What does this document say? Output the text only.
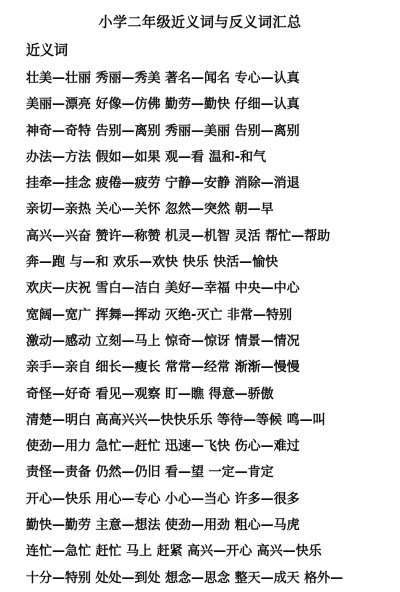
小学二年级近义词与反义词汇总
近义词
壮美—壮丽 秀丽—秀美 著名—闻名 专心—认真
美丽—漂亮 好像—仿佛 勤劳—勤快 仔细—认真
神奇—奇特 告别—离别 秀丽—美丽 告别—离别
办法—方法 假如—如果 观—看 温和-和气
挂牵—挂念 疲倦—疲劳 宁静—安静 消除—消退
亲切—亲热 关心—关怀 忽然—突然 朝—早
高兴—兴奋 赞许—称赞 机灵—机智 灵活 帮忙—帮助
奔—跑 与—和 欢乐—欢快 快乐 快活—愉快
欢庆—庆祝 雪白—洁白 美好—幸福 中央—中心
宽阔—宽广 挥舞—挥动 灭绝-灭亡 非常—特别
激动—感动 立刻—马上 惊奇—惊讶 情景—情况
亲手—亲自 细长—瘦长 常常—经常 渐渐—慢慢
奇怪—好奇 看见—观察 盯—瞧 得意—骄傲
清楚—明白 高高兴兴—快快乐乐 等待—等候 鸣—叫
使劲—用力 急忙—赶忙 迅速—飞快 伤心—难过
责怪—责备 仍然—仍旧 看—望 一定—肯定
开心—快乐 用心—专心 小心—当心 许多—很多
勤快—勤劳 主意—想法 使劲—用劲 粗心—马虎
连忙—急忙 赶忙 马上 赶紧 高兴—开心 高兴—快乐
十分—特别 处处—到处 想念—思念 整天—成天 格外—
